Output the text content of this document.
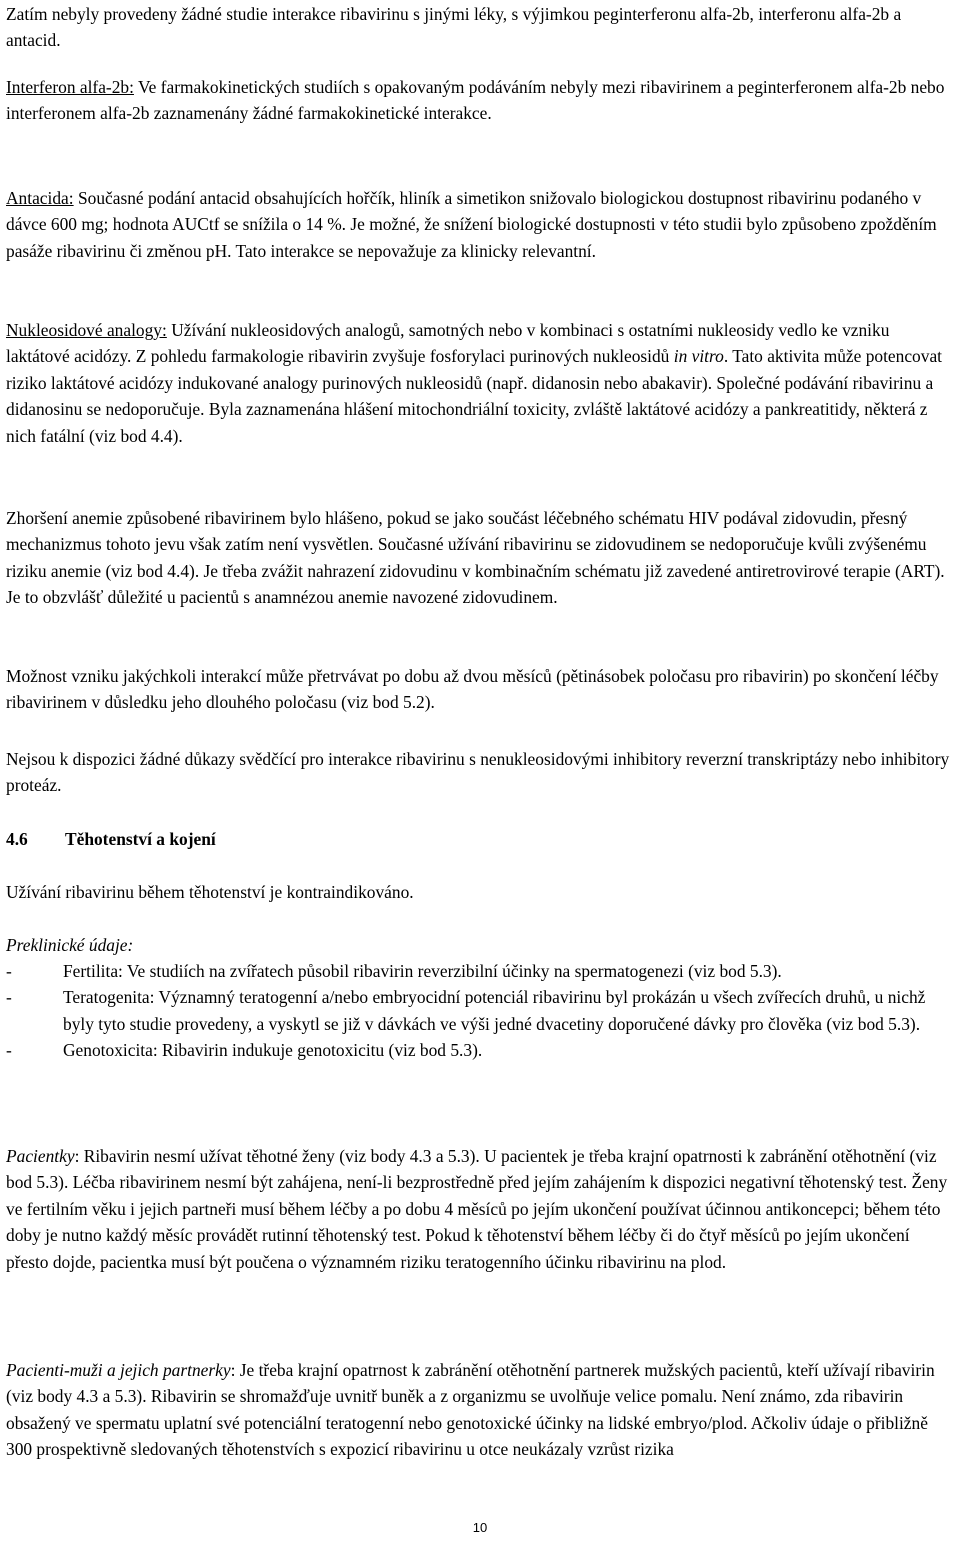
Zatím nebyly provedeny žádné studie interakce ribavirinu s jinými léky, s výjimkou peginterferonu alfa-2b, interferonu alfa-2b a antacid.

Interferon alfa-2b: Ve farmakokinetických studiích s opakovaným podáváním nebyly mezi ribavirinem a peginterferonem alfa-2b nebo interferonem alfa-2b zaznamenány žádné farmakokinetické interakce.

Antacida: Současné podání antacid obsahujících hořčík, hliník a simetikon snižovalo biologickou dostupnost ribavirinu podaného v dávce 600 mg; hodnota AUCtf se snížila o 14 %. Je možné, že snížení biologické dostupnosti v této studii bylo způsobeno zpožděním pasáže ribavirinu či změnou pH. Tato interakce se nepovažuje za klinicky relevantní.

Nukleosidové analogy: Užívání nukleosidových analogů, samotných nebo v kombinaci s ostatními nukleosidy vedlo ke vzniku laktátové acidózy. Z pohledu farmakologie ribavirin zvyšuje fosforylaci purinových nukleosidů in vitro. Tato aktivita může potencovat riziko laktátové acidózy indukované analogy purinových nukleosidů (např. didanosin nebo abakavir). Společné podávání ribavirinu a didanosinu se nedoporučuje. Byla zaznamenána hlášení mitochondriální toxicity, zvláště laktátové acidózy a pankreatitidy, některá z nich fatální (viz bod 4.4).

Zhoršení anemie způsobené ribavirinem bylo hlášeno, pokud se jako součást léčebného schématu HIV podával zidovudin, přesný mechanizmus tohoto jevu však zatím není vysvětlen. Současné užívání ribavirinu se zidovudinem se nedoporučuje kvůli zvýšenému riziku anemie (viz bod 4.4). Je třeba zvážit nahrazení zidovudinu v kombinačním schématu již zavedené antiretrovirové terapie (ART). Je to obzvlášť důležité u pacientů s anamnézou anemie navozené zidovudinem.

Možnost vzniku jakýchkoli interakcí může přetrvávat po dobu až dvou měsíců (pětinásobek poločasu pro ribavirin) po skončení léčby ribavirinem v důsledku jeho dlouhého poločasu (viz bod 5.2).

Nejsou k dispozici žádné důkazy svědčící pro interakce ribavirinu s nenukleosidovými inhibitory reverzní transkriptázy nebo inhibitory proteáz.

4.6 Těhotenství a kojení

Užívání ribavirinu během těhotenství je kontraindikováno.

Preklinické údaje:

-	Fertilita: Ve studiích na zvířatech působil ribavirin reverzibilní účinky na spermatogenezi (viz bod 5.3).
-	Teratogenita: Významný teratogenní a/nebo embryocidní potenciál ribavirinu byl prokázán u všech zvířecích druhů, u nichž byly tyto studie provedeny, a vyskytl se již v dávkách ve výši jedné dvacetiny doporučené dávky pro člověka (viz bod 5.3).
-	Genotoxicita: Ribavirin indukuje genotoxicitu (viz bod 5.3).

Pacientky: Ribavirin nesmí užívat těhotné ženy (viz body 4.3 a 5.3). U pacientek je třeba krajní opatrnosti k zabránění otěhotnění (viz bod 5.3). Léčba ribavirinem nesmí být zahájena, není-li bezprostředně před jejím zahájením k dispozici negativní těhotenský test. Ženy ve fertilním věku i jejich partneři musí během léčby a po dobu 4 měsíců po jejím ukončení používat účinnou antikoncepci; během této doby je nutno každý měsíc provádět rutinní těhotenský test. Pokud k těhotenství během léčby či do čtyř měsíců po jejím ukončení přesto dojde, pacientka musí být poučena o významném riziku teratogenního účinku ribavirinu na plod.

Pacienti-muži a jejich partnerky: Je třeba krajní opatrnost k zabránění otěhotnění partnerek mužských pacientů, kteří užívají ribavirin (viz body 4.3 a 5.3). Ribavirin se shromažďuje uvnitř buněk a z organizmu se uvolňuje velice pomalu. Není známo, zda ribavirin obsažený ve spermatu uplatní své potenciální teratogenní nebo genotoxické účinky na lidské embryo/plod. Ačkoliv údaje o přibližně 300 prospektivně sledovaných těhotenstvích s expozicí ribavirinu u otce neukázaly vzrůst rizika

10
